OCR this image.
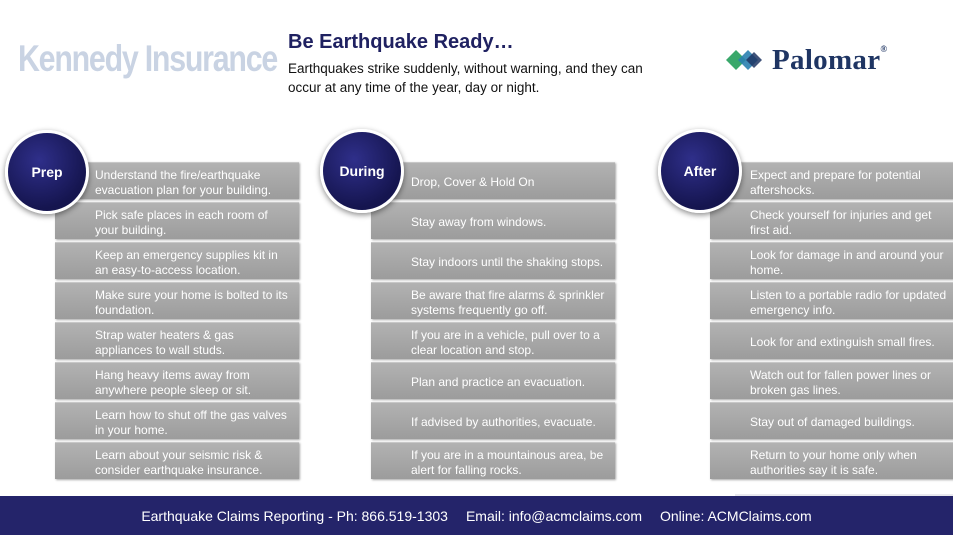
Kennedy Insurance Be Earthquake Ready…
Earthquakes strike suddenly, without warning, and they can occur at any time of the year, day or night.
Palomar®
Understand the fire/earthquake evacuation plan for your building.
Pick safe places in each room of your building.
Keep an emergency supplies kit in an easy-to-access location.
Make sure your home is bolted to its foundation.
Strap water heaters & gas appliances to wall studs.
Hang heavy items away from anywhere people sleep or sit.
Learn how to shut off the gas valves in your home.
Learn about your seismic risk & consider earthquake insurance.
Prep
Drop, Cover & Hold On
Stay away from windows.
Stay indoors until the shaking stops.
Be aware that fire alarms & sprinkler systems frequently go off.
If you are in a vehicle, pull over to a clear location and stop.
Plan and practice an evacuation.
If advised by authorities, evacuate.
If you are in a mountainous area, be alert for falling rocks.
During	Expect and prepare for potential aftershocks.
Check yourself for injuries and get first aid.
Look for damage in and around your home.
Listen to a portable radio for updated emergency info.
Look for and extinguish small fires.
Watch out for fallen power lines or broken gas lines.
Stay out of damaged buildings.
Return to your home only when authorities say it is safe.
After
Earthquake Claims Reporting - Ph: 866.519-1303 Email: info@acmclaims.com Online: ACMClaims.com
